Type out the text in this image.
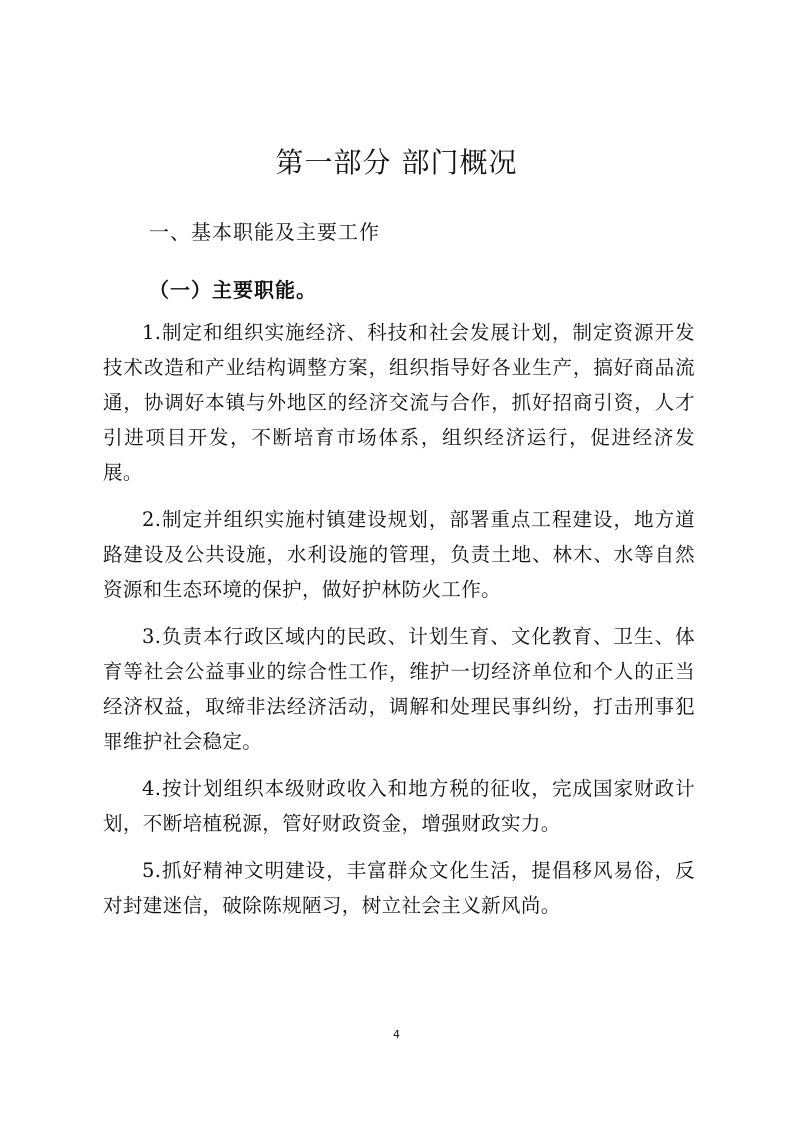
第一部分 部门概况
一、基本职能及主要工作
（一）主要职能。

1.制定和组织实施经济、科技和社会发展计划，制定资源开发技术改造和产业结构调整方案，组织指导好各业生产，搞好商品流通，协调好本镇与外地区的经济交流与合作，抓好招商引资，人才引进项目开发，不断培育市场体系，组织经济运行，促进经济发展。

2.制定并组织实施村镇建设规划，部署重点工程建设，地方道路建设及公共设施，水利设施的管理，负责土地、林木、水等自然资源和生态环境的保护，做好护林防火工作。

3.负责本行政区域内的民政、计划生育、文化教育、卫生、体育等社会公益事业的综合性工作，维护一切经济单位和个人的正当经济权益，取缔非法经济活动，调解和处理民事纠纷，打击刑事犯罪维护社会稳定。

4.按计划组织本级财政收入和地方税的征收，完成国家财政计划，不断培植税源，管好财政资金，增强财政实力。

5.抓好精神文明建设，丰富群众文化生活，提倡移风易俗，反对封建迷信，破除陈规陋习，树立社会主义新风尚。

4
